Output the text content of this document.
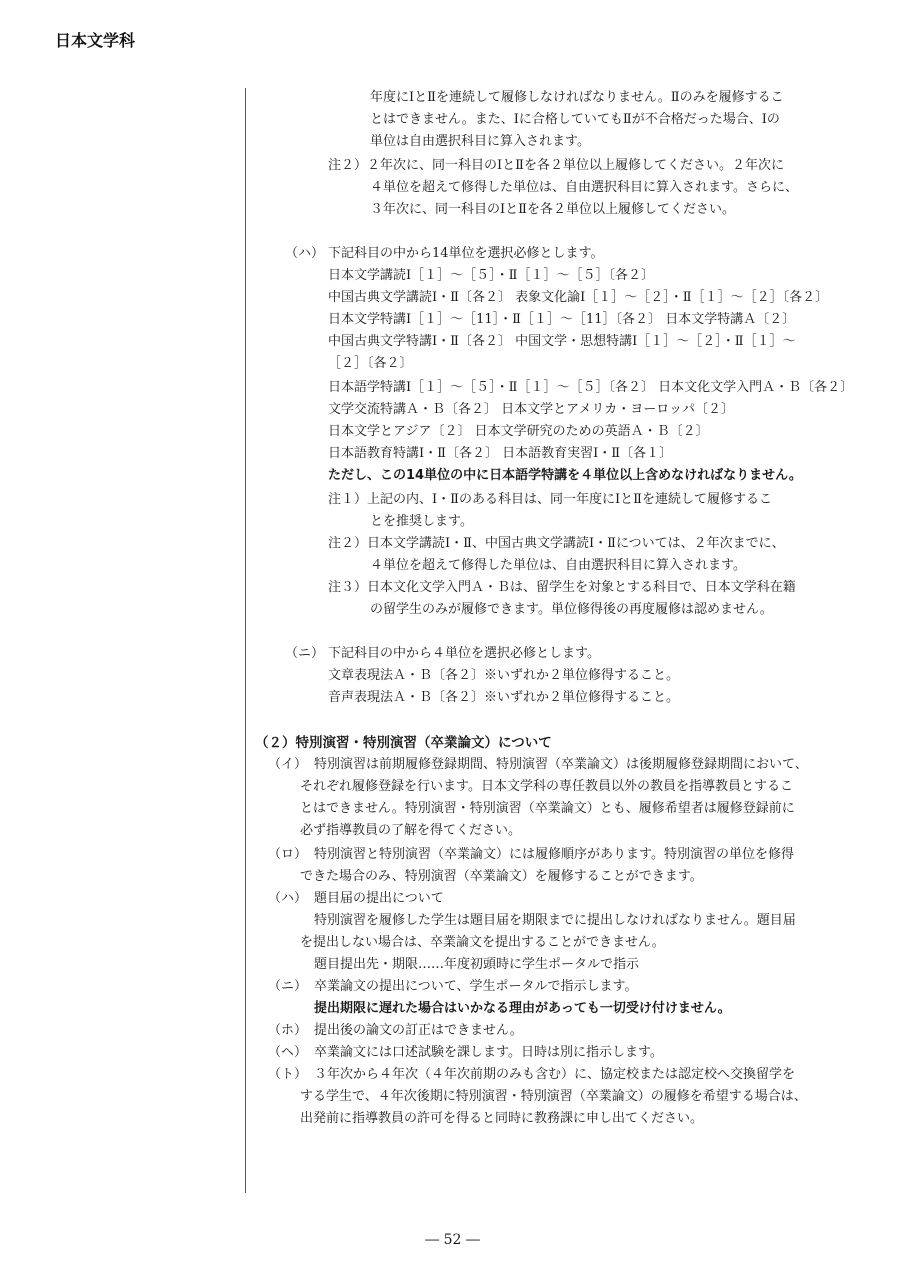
日本文学科
年度にⅠとⅡを連続して履修しなければなりません。Ⅱのみを履修するこ
とはできません。また、Ⅰに合格していてもⅡが不合格だった場合、Ⅰの
単位は自由選択科目に算入されます。
注２）２年次に、同一科目のⅠとⅡを各２単位以上履修してください。２年次に
４単位を超えて修得した単位は、自由選択科目に算入されます。さらに、
３年次に、同一科目のⅠとⅡを各２単位以上履修してください。
（ハ） 下記科目の中から14単位を選択必修とします。
日本文学講読Ⅰ［１］～［５］・Ⅱ［１］～［５］〔各２〕
中国古典文学講読Ⅰ・Ⅱ〔各２〕 表象文化論Ⅰ［１］～［２］・Ⅱ［１］～［２］〔各２〕
日本文学特講Ⅰ［１］～［11］・Ⅱ［１］～［11］〔各２〕 日本文学特講Ａ〔２〕
中国古典文学特講Ⅰ・Ⅱ〔各２〕 中国文学・思想特講Ⅰ［１］～［２］・Ⅱ［１］～
［２］〔各２〕
日本語学特講Ⅰ［１］～［５］・Ⅱ［１］～［５］〔各２〕 日本文化文学入門Ａ・Ｂ〔各２〕
文学交流特講Ａ・Ｂ〔各２〕 日本文学とアメリカ・ヨーロッパ〔２〕
日本文学とアジア〔２〕 日本文学研究のための英語Ａ・Ｂ〔２〕
日本語教育特講Ⅰ・Ⅱ〔各２〕 日本語教育実習Ⅰ・Ⅱ〔各１〕
ただし、この14単位の中に日本語学特講を４単位以上含めなければなりません。
注１）上記の内、Ⅰ・Ⅱのある科目は、同一年度にⅠとⅡを連続して履修するこ
とを推奨します。
注２）日本文学講読Ⅰ・Ⅱ、中国古典文学講読Ⅰ・Ⅱについては、２年次までに、
４単位を超えて修得した単位は、自由選択科目に算入されます。
注３）日本文化文学入門Ａ・Ｂは、留学生を対象とする科目で、日本文学科在籍
の留学生のみが履修できます。単位修得後の再度履修は認めません。
（ニ） 下記科目の中から４単位を選択必修とします。
文章表現法Ａ・Ｂ〔各２〕※いずれか２単位修得すること。
音声表現法Ａ・Ｂ〔各２〕※いずれか２単位修得すること。
（２）特別演習・特別演習（卒業論文）について
（イ） 特別演習は前期履修登録期間、特別演習（卒業論文）は後期履修登録期間において、
それぞれ履修登録を行います。日本文学科の専任教員以外の教員を指導教員とするこ
とはできません。特別演習・特別演習（卒業論文）とも、履修希望者は履修登録前に
必ず指導教員の了解を得てください。
（ロ） 特別演習と特別演習（卒業論文）には履修順序があります。特別演習の単位を修得
できた場合のみ、特別演習（卒業論文）を履修することができます。
（ハ） 題目届の提出について
特別演習を履修した学生は題目届を期限までに提出しなければなりません。題目届
を提出しない場合は、卒業論文を提出することができません。
題目提出先・期限……年度初頭時に学生ポータルで指示
（ニ） 卒業論文の提出について、学生ポータルで指示します。
提出期限に遅れた場合はいかなる理由があっても一切受け付けません。
（ホ） 提出後の論文の訂正はできません。
（ヘ） 卒業論文には口述試験を課します。日時は別に指示します。
（ト） ３年次から４年次（４年次前期のみも含む）に、協定校または認定校へ交換留学を
する学生で、４年次後期に特別演習・特別演習（卒業論文）の履修を希望する場合は、
出発前に指導教員の許可を得ると同時に教務課に申し出てください。
― 52 ―
